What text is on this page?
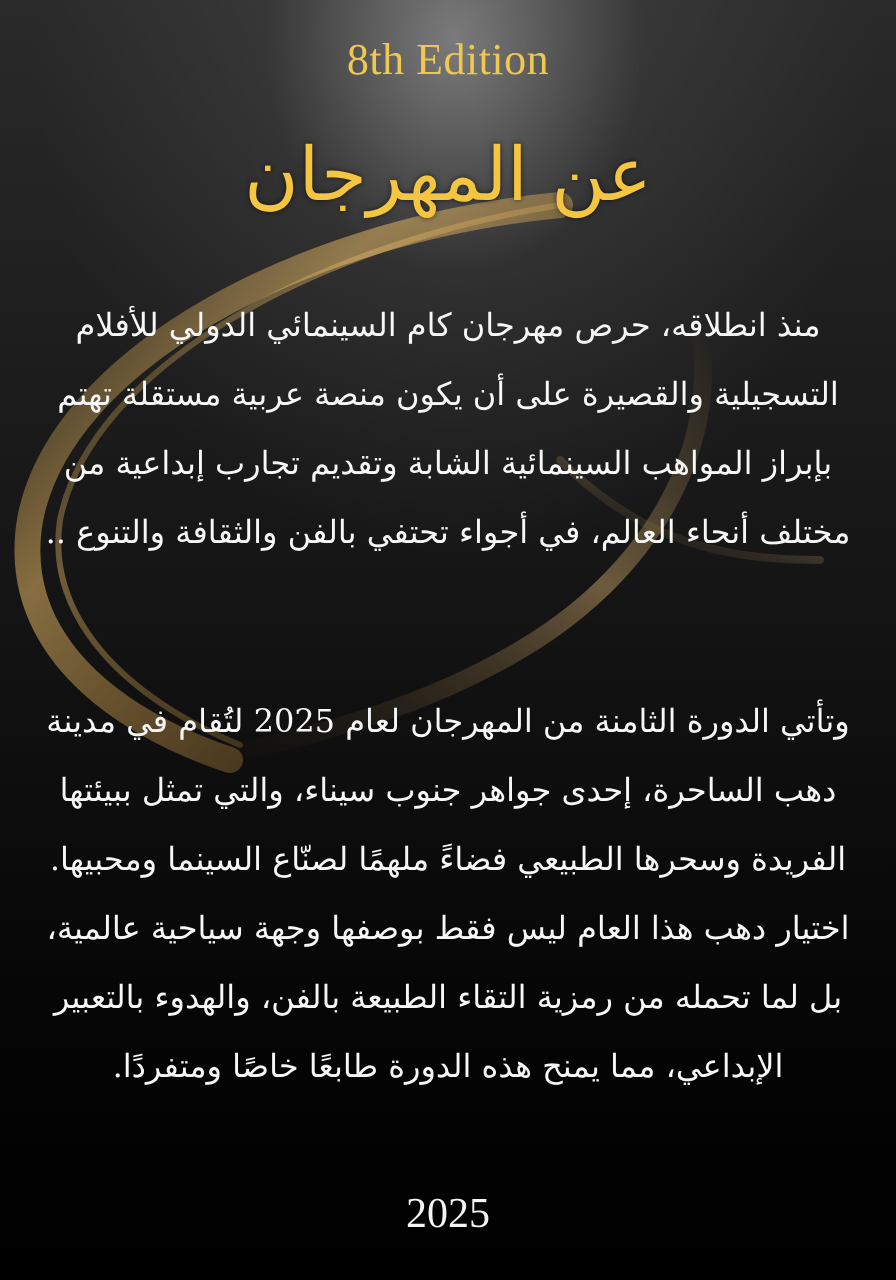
8th Edition
عن المهرجان

منذ انطلاقه، حرص مهرجان كام السينمائي الدولي للأفلام التسجيلية والقصيرة على أن يكون منصة عربية مستقلة تهتم بإبراز المواهب السينمائية الشابة وتقديم تجارب إبداعية من مختلف أنحاء العالم، في أجواء تحتفي بالفن والثقافة والتنوع ..

وتأتي الدورة الثامنة من المهرجان لعام 2025 لتُقام في مدينة دهب الساحرة، إحدى جواهر جنوب سيناء، والتي تمثل ببيئتها الفريدة وسحرها الطبيعي فضاءً ملهمًا لصنّاع السينما ومحبيها. اختيار دهب هذا العام ليس فقط بوصفها وجهة سياحية عالمية، بل لما تحمله من رمزية التقاء الطبيعة بالفن، والهدوء بالتعبير الإبداعي، مما يمنح هذه الدورة طابعًا خاصًا ومتفردًا.

2025
